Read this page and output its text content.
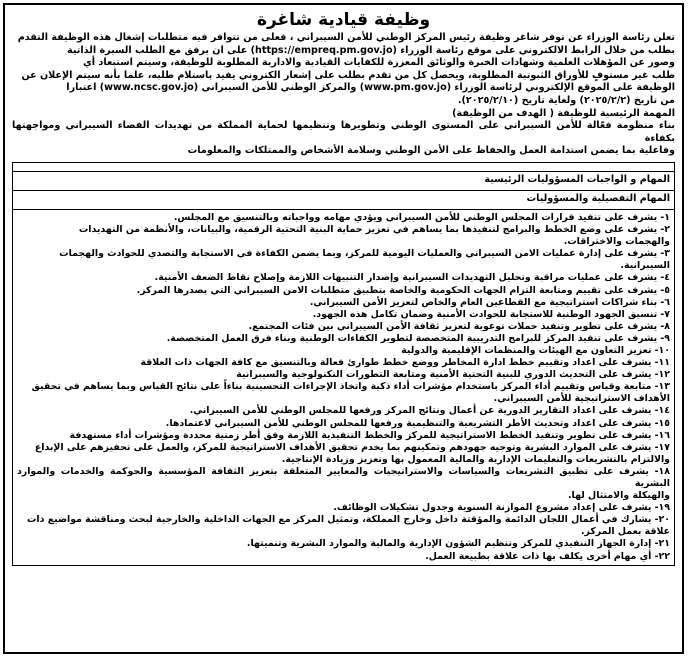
وظيفة قيادية شاغرة

تعلن رئاسة الوزراء عن توفر شاغر وظيفة رئيس المركز الوطني للأمن السيبراني ، فعلى من تتوافر فيه متطلبات إشغال هذه الوظيفة التقدم

بطلب من خلال الرابط الالكتروني على موقع رئاسة الوزراء (https://empreq.pm.gov.jo) على ان يرفق مع الطلب السيرة الذاتية

وصور عن المؤهلات العلمية وشهادات الخبرة والوثائق المعززة للكفايات القيادية والادارية المطلوبة للوظيفة، وسيتم استبعاد أي

طلب غير مستوفٍ للأوراق الثبوتية المطلوبة، ويحصل كل من تقدم بطلب على إشعار الكتروني يفيد باستلام طلبه، علما بأنه سيتم الإعلان عن

الوظيفة على الموقع الإلكتروني لرئاسة الوزراء (www.pm.gov.jo) والمركز الوطني للأمن السيبراني (www.ncsc.gov.jo) اعتبارا

من تاريخ (٢٠٢٥/٢/٢) ولغاية تاريخ (٢٠٢٥/٢/١٠).

المهمة الرئيسية للوظيفة ( الهدف من الوظيفة)

بناء منظومة فعّالة للأمن السيبراني على المستوى الوطني وتطويرها وتنظيمها لحماية المملكة من تهديدات الفضاء السيبراني ومواجهتها بكفاءة
وفاعلية بما يضمن استدامة العمل والحفاظ على الأمن الوطني وسلامة الأشخاص والممتلكات والمعلومات

المهام و الواجبات المسؤوليات الرئيسية
المهام التفصيلية والمسؤوليات

١- يشرف على تنفيذ قرارات المجلس الوطني للأمن السيبراني ويؤدي مهامه وواجباته وبالتنسيق مع المجلس.
٢- يشرف على وضع الخطط والبرامج لتنفيذها بما يساهم في تعزيز حماية البنية التحتية الرقمية، والبيانات، والأنظمة من التهديدات
والهجمات والاختراقات.
٣- يشرف على إدارة عمليات الامن السيبراني والعمليات اليومية للمركز، وبما يضمن الكفاءة في الاستجابة والتصدي للحوادث والهجمات
السيبرانية.
٤- يشرف على عمليات مراقبة وتحليل التهديدات السيبرانية وإصدار التنبيهات اللازمة وإصلاح نقاط الضعف الأمنية.
٥- يشرف على تقييم ومتابعة التزام الجهات الحكومية والخاصة بتطبيق متطلبات الامن السيبراني التي يصدرها المركز.
٦- بناء شراكات استراتيجية مع القطاعين العام والخاص لتعزيز الأمن السيبراني.
٧- تنسيق الجهود الوطنية للاستجابة للحوادث الأمنية وضمان تكامل هذه الجهود.
٨- يشرف على تطوير وتنفيذ حملات توعوية لتعزيز ثقافة الأمن السيبراني بين فئات المجتمع.
٩- يشرف على تنفيذ المركز للبرامج التدريبية المتخصصة لتطوير الكفاءات الوطنية وبناء فرق العمل المتخصصة.
١٠- تعزيز التعاون مع الهيئات والمنظمات الإقليمية والدولية
١١- يشرف على اعداد وتقييم خطط ادارة المخاطر ووضع خطط طوارئ فعالة وبالتنسيق مع كافة الجهات ذات العلاقة
١٢- يشرف على التحديث الدوري للبنية التحتية الأمنية ومتابعة التطورات التكنولوجية والسيبرانية
١٣- متابعة وقياس وتقييم أداء المركز باستخدام مؤشرات أداء ذكية واتخاذ الإجراءات التحسينية بناءاً على نتائج القياس وبما يساهم في تحقيق
الأهداف الاستراتيجية للأمن السيبراني.
١٤- يشرف على اعداد التقارير الدورية عن أعمال ونتائج المركز ورفعها للمجلس الوطني للأمن السيبراني.
١٥- يشرف على اعداد وتحديث الأطر التشريعية والتنظيمية ورفعها للمجلس الوطني للأمن السيبراني لاعتمادها.
١٦- يشرف على تطوير وتنفيذ الخطط الاستراتيجية للمركز والخطط التنفيذية اللازمة وفق أطر زمنية محددة ومؤشرات أداء مستهدفة
١٧- يشرف على الموارد البشرية وتوجيه جهودهم وتمكينهم بما يخدم تحقيق الأهداف الاستراتيجية للمركز، والعمل على تحفيزهم على الإبداع
والالتزام بالتشريعات والتعليمات الإدارية والمالية المعمول بها وتعزيز وزيادة الإنتاجية.
١٨- يشرف على تطبيق التشريعات والسياسات والاستراتيجيات والمعايير المتعلقة بتعزيز الثقافة المؤسسية والحوكمة والخدمات والموارد البشرية
والهيكلة والامتثال لها.
١٩- يشرف على إعداد مشروع الموازنة السنوية وجدول تشكيلات الوظائف.
٢٠- يشارك في أعمال اللجان الدائمة والمؤقتة داخل وخارج المملكة، وتمثيل المركز مع الجهات الداخلية والخارجية لبحث ومناقشة مواضيع ذات
علاقة بعمل المركز.
٢١- إدارة الجهاز التنفيذي للمركز وتنظيم الشؤون الإدارية والمالية والموارد البشرية وتنميتها.
٢٢- أي مهام أخرى يكلف بها ذات علاقة بطبيعة العمل.
